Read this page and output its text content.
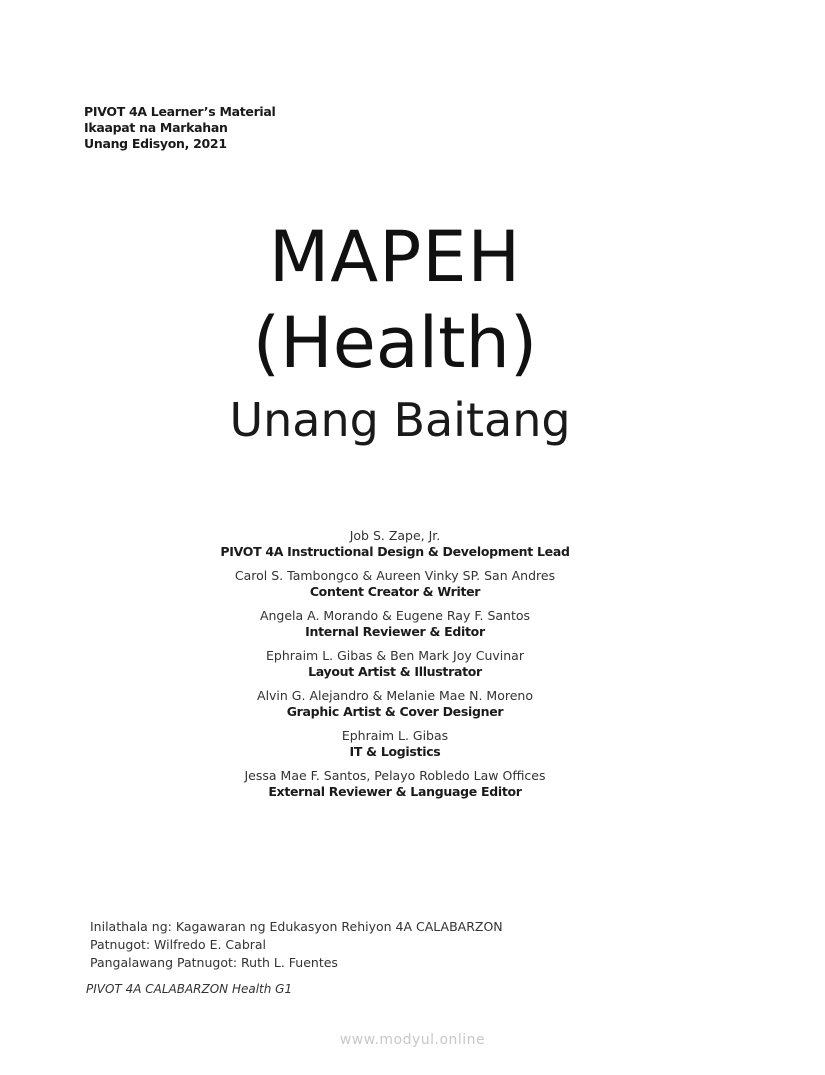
PIVOT 4A Learner’s Material
Ikaapat na Markahan
Unang Edisyon, 2021
MAPEH
(Health)
Unang Baitang
Job S. Zape, Jr.
PIVOT 4A Instructional Design & Development Lead
Carol S. Tambongco & Aureen Vinky SP. San Andres
Content Creator & Writer
Angela A. Morando & Eugene Ray F. Santos
Internal Reviewer & Editor
Ephraim L. Gibas & Ben Mark Joy Cuvinar
Layout Artist & Illustrator
Alvin G. Alejandro & Melanie Mae N. Moreno
Graphic Artist & Cover Designer
Ephraim L. Gibas
IT & Logistics
Jessa Mae F. Santos, Pelayo Robledo Law Offices
External Reviewer & Language Editor
Inilathala ng: Kagawaran ng Edukasyon Rehiyon 4A CALABARZON
Patnugot: Wilfredo E. Cabral
Pangalawang Patnugot: Ruth L. Fuentes
PIVOT 4A CALABARZON Health G1
www.modyul.online
